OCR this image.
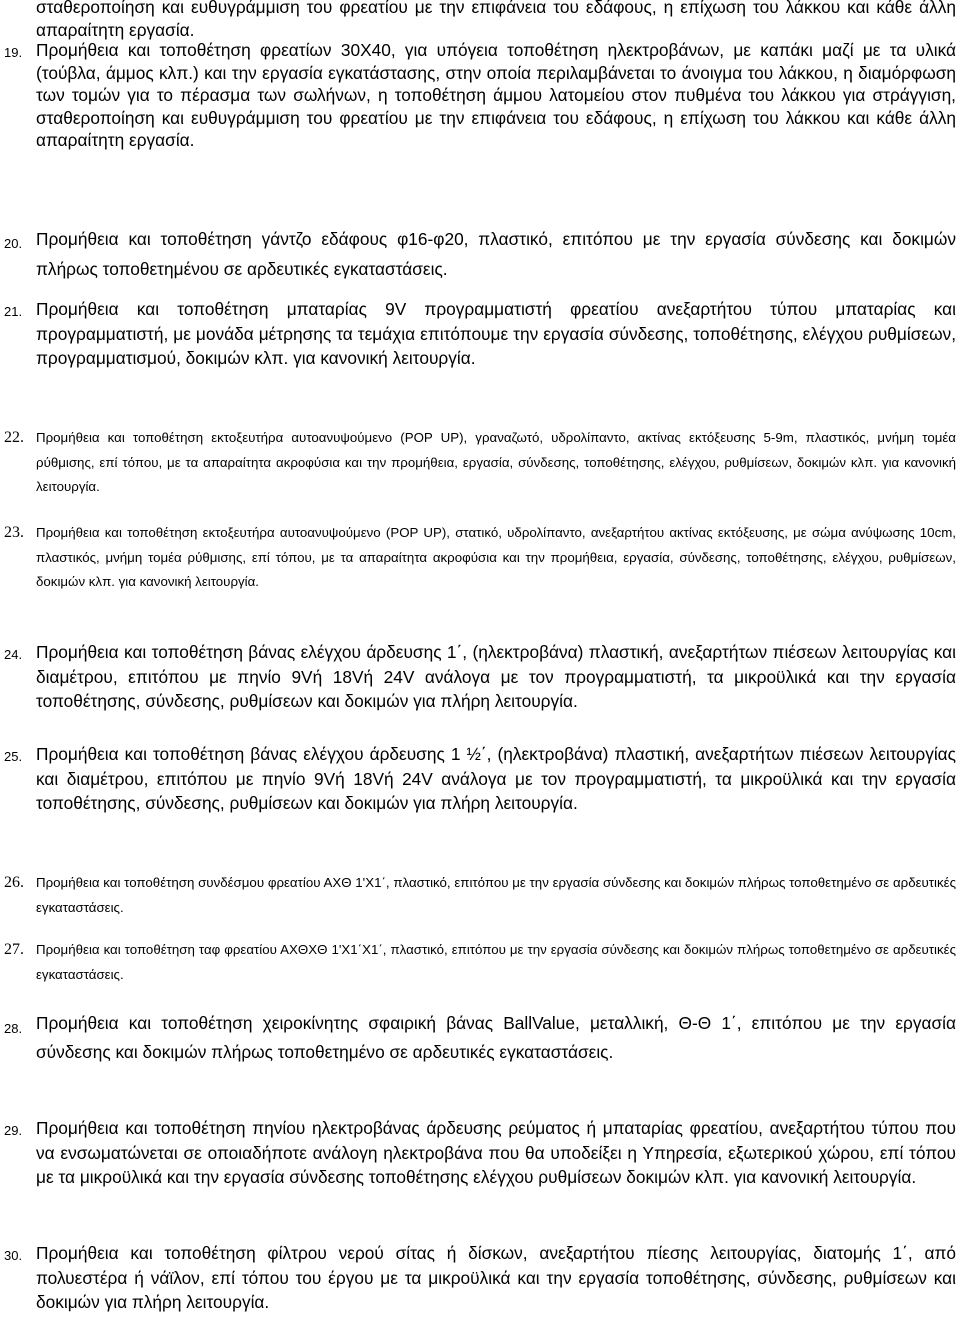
σταθεροποίηση και ευθυγράμμιση του φρεατίου με την επιφάνεια του εδάφους, η επίχωση του λάκκου και κάθε άλλη απαραίτητη εργασία.

19. Προμήθεια και τοποθέτηση φρεατίων 30Χ40, για υπόγεια τοποθέτηση ηλεκτροβάνων, με καπάκι μαζί με τα υλικά (τούβλα, άμμος κλπ.) και την εργασία εγκατάστασης, στην οποία περιλαμβάνεται το άνοιγμα του λάκκου, η διαμόρφωση των τομών για το πέρασμα των σωλήνων, η τοποθέτηση άμμου λατομείου στον πυθμένα του λάκκου για στράγγιση, σταθεροποίηση και ευθυγράμμιση του φρεατίου με την επιφάνεια του εδάφους, η επίχωση του λάκκου και κάθε άλλη απαραίτητη εργασία.

20. Προμήθεια και τοποθέτηση γάντζο εδάφους φ16-φ20, πλαστικό, επιτόπου με την εργασία σύνδεσης και δοκιμών πλήρως τοποθετημένου σε αρδευτικές εγκαταστάσεις.

21. Προμήθεια και τοποθέτηση μπαταρίας 9V προγραμματιστή φρεατίου ανεξαρτήτου τύπου μπαταρίας και προγραμματιστή, με μονάδα μέτρησης τα τεμάχια επιτόπουμε την εργασία σύνδεσης, τοποθέτησης, ελέγχου ρυθμίσεων, προγραμματισμού, δοκιμών κλπ. για κανονική λειτουργία.

22. Προμήθεια και τοποθέτηση εκτοξευτήρα αυτοανυψούμενο (POP UP), γραναζωτό, υδρολίπαντο, ακτίνας εκτόξευσης 5-9m, πλαστικός, μνήμη τομέα ρύθμισης, επί τόπου, με τα απαραίτητα ακροφύσια και την προμήθεια, εργασία, σύνδεσης, τοποθέτησης, ελέγχου, ρυθμίσεων, δοκιμών κλπ. για κανονική λειτουργία.

23. Προμήθεια και τοποθέτηση εκτοξευτήρα αυτοανυψούμενο (POP UP), στατικό, υδρολίπαντο, ανεξαρτήτου ακτίνας εκτόξευσης, με σώμα ανύψωσης 10cm, πλαστικός, μνήμη τομέα ρύθμισης, επί τόπου, με τα απαραίτητα ακροφύσια και την προμήθεια, εργασία, σύνδεσης, τοποθέτησης, ελέγχου, ρυθμίσεων, δοκιμών κλπ. για κανονική λειτουργία.

24. Προμήθεια και τοποθέτηση βάνας ελέγχου άρδευσης 1΄, (ηλεκτροβάνα) πλαστική, ανεξαρτήτων πιέσεων λειτουργίας και διαμέτρου, επιτόπου με πηνίο 9Vή 18Vή 24V ανάλογα με τον προγραμματιστή, τα μικροϋλικά και την εργασία τοποθέτησης, σύνδεσης, ρυθμίσεων και δοκιμών για πλήρη λειτουργία.

25. Προμήθεια και τοποθέτηση βάνας ελέγχου άρδευσης 1 ½΄, (ηλεκτροβάνα) πλαστική, ανεξαρτήτων πιέσεων λειτουργίας και διαμέτρου, επιτόπου με πηνίο 9Vή 18Vή 24V ανάλογα με τον προγραμματιστή, τα μικροϋλικά και την εργασία τοποθέτησης, σύνδεσης, ρυθμίσεων και δοκιμών για πλήρη λειτουργία.

26. Προμήθεια και τοποθέτηση συνδέσμου φρεατίου ΑΧΘ 1'Χ1΄, πλαστικό, επιτόπου με την εργασία σύνδεσης και δοκιμών πλήρως τοποθετημένο σε αρδευτικές εγκαταστάσεις.

27. Προμήθεια και τοποθέτηση ταφ φρεατίου ΑΧΘΧΘ 1'Χ1΄Χ1΄, πλαστικό, επιτόπου με την εργασία σύνδεσης και δοκιμών πλήρως τοποθετημένο σε αρδευτικές εγκαταστάσεις.

28. Προμήθεια και τοποθέτηση χειροκίνητης σφαιρική βάνας BallValue, μεταλλική, Θ-Θ 1΄, επιτόπου με την εργασία σύνδεσης και δοκιμών πλήρως τοποθετημένο σε αρδευτικές εγκαταστάσεις.

29. Προμήθεια και τοποθέτηση πηνίου ηλεκτροβάνας άρδευσης ρεύματος ή μπαταρίας φρεατίου, ανεξαρτήτου τύπου που να ενσωματώνεται σε οποιαδήποτε ανάλογη ηλεκτροβάνα που θα υποδείξει η Υπηρεσία, εξωτερικού χώρου, επί τόπου με τα μικροϋλικά και την εργασία σύνδεσης τοποθέτησης ελέγχου ρυθμίσεων δοκιμών κλπ. για κανονική λειτουργία.

30. Προμήθεια και τοποθέτηση φίλτρου νερού σίτας ή δίσκων, ανεξαρτήτου πίεσης λειτουργίας, διατομής 1΄, από πολυεστέρα ή νάϊλον, επί τόπου του έργου με τα μικροϋλικά και την εργασία τοποθέτησης, σύνδεσης, ρυθμίσεων και δοκιμών για πλήρη λειτουργία.
